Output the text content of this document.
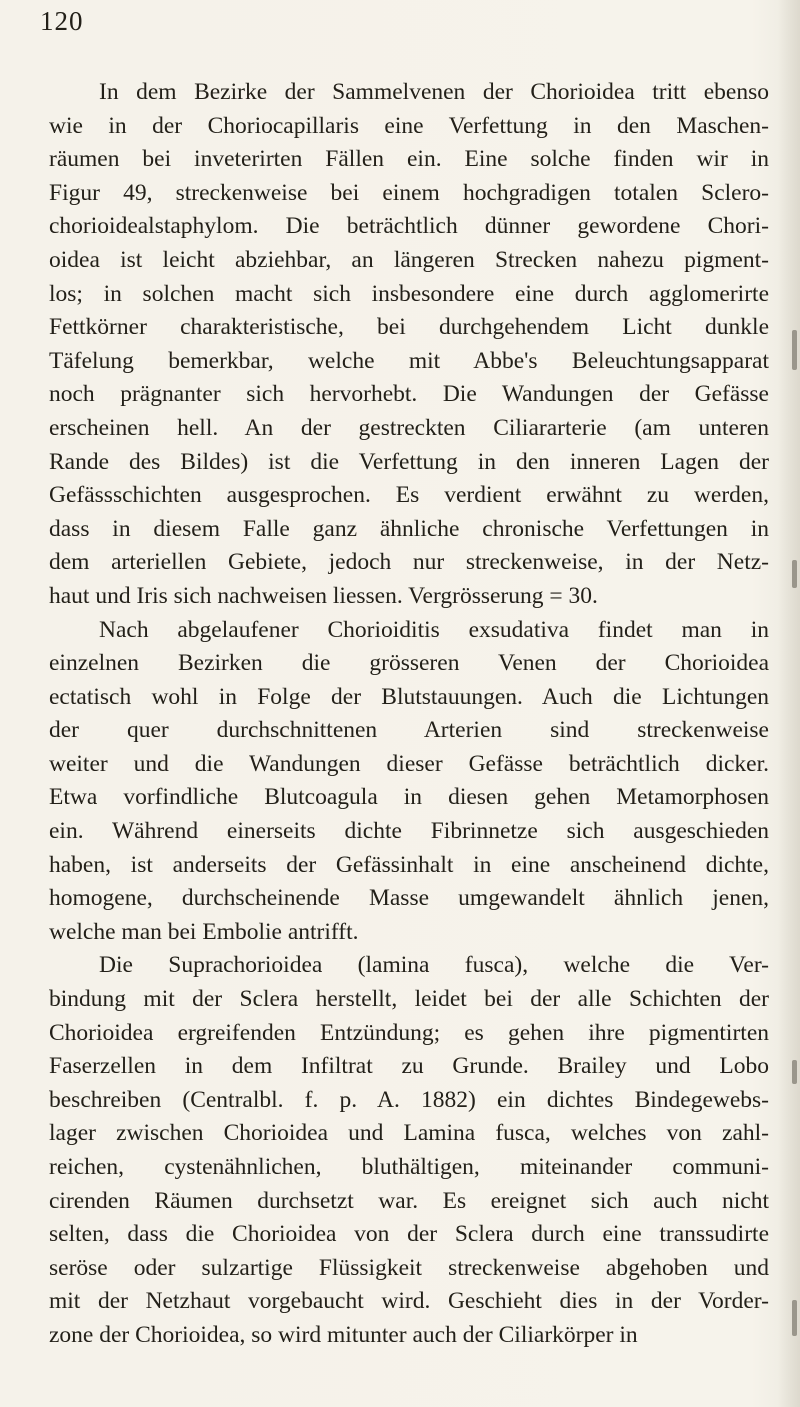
120
In dem Bezirke der Sammelvenen der Chorioidea tritt ebenso
wie in der Choriocapillaris eine Verfettung in den Maschen-
räumen bei inveterirten Fällen ein. Eine solche finden wir in
Figur 49, streckenweise bei einem hochgradigen totalen Sclero-
chorioidealstaphylom. Die beträchtlich dünner gewordene Chori-
oidea ist leicht abziehbar, an längeren Strecken nahezu pigment-
los; in solchen macht sich insbesondere eine durch agglomerirte
Fettkörner charakteristische, bei durchgehendem Licht dunkle
Täfelung bemerkbar, welche mit Abbe's Beleuchtungsapparat
noch prägnanter sich hervorhebt. Die Wandungen der Gefässe
erscheinen hell. An der gestreckten Ciliararterie (am unteren
Rande des Bildes) ist die Verfettung in den inneren Lagen der
Gefässschichten ausgesprochen. Es verdient erwähnt zu werden,
dass in diesem Falle ganz ähnliche chronische Verfettungen in
dem arteriellen Gebiete, jedoch nur streckenweise, in der Netz-
haut und Iris sich nachweisen liessen. Vergrösserung = 30.
Nach abgelaufener Chorioiditis exsudativa findet man in
einzelnen Bezirken die grösseren Venen der Chorioidea
ectatisch wohl in Folge der Blutstauungen. Auch die Lichtungen
der quer durchschnittenen Arterien sind streckenweise
weiter und die Wandungen dieser Gefässe beträchtlich dicker.
Etwa vorfindliche Blutcoagula in diesen gehen Metamorphosen
ein. Während einerseits dichte Fibrinnetze sich ausgeschieden
haben, ist anderseits der Gefässinhalt in eine anscheinend dichte,
homogene, durchscheinende Masse umgewandelt ähnlich jenen,
welche man bei Embolie antrifft.
Die Suprachorioidea (lamina fusca), welche die Ver-
bindung mit der Sclera herstellt, leidet bei der alle Schichten der
Chorioidea ergreifenden Entzündung; es gehen ihre pigmentirten
Faserzellen in dem Infiltrat zu Grunde. Brailey und Lobo
beschreiben (Centralbl. f. p. A. 1882) ein dichtes Bindegewebs-
lager zwischen Chorioidea und Lamina fusca, welches von zahl-
reichen, cystenähnlichen, bluthältigen, miteinander communi-
cirenden Räumen durchsetzt war. Es ereignet sich auch nicht
selten, dass die Chorioidea von der Sclera durch eine transsudirte
seröse oder sulzartige Flüssigkeit streckenweise abgehoben und
mit der Netzhaut vorgebaucht wird. Geschieht dies in der Vorder-
zone der Chorioidea, so wird mitunter auch der Ciliarkörper in
